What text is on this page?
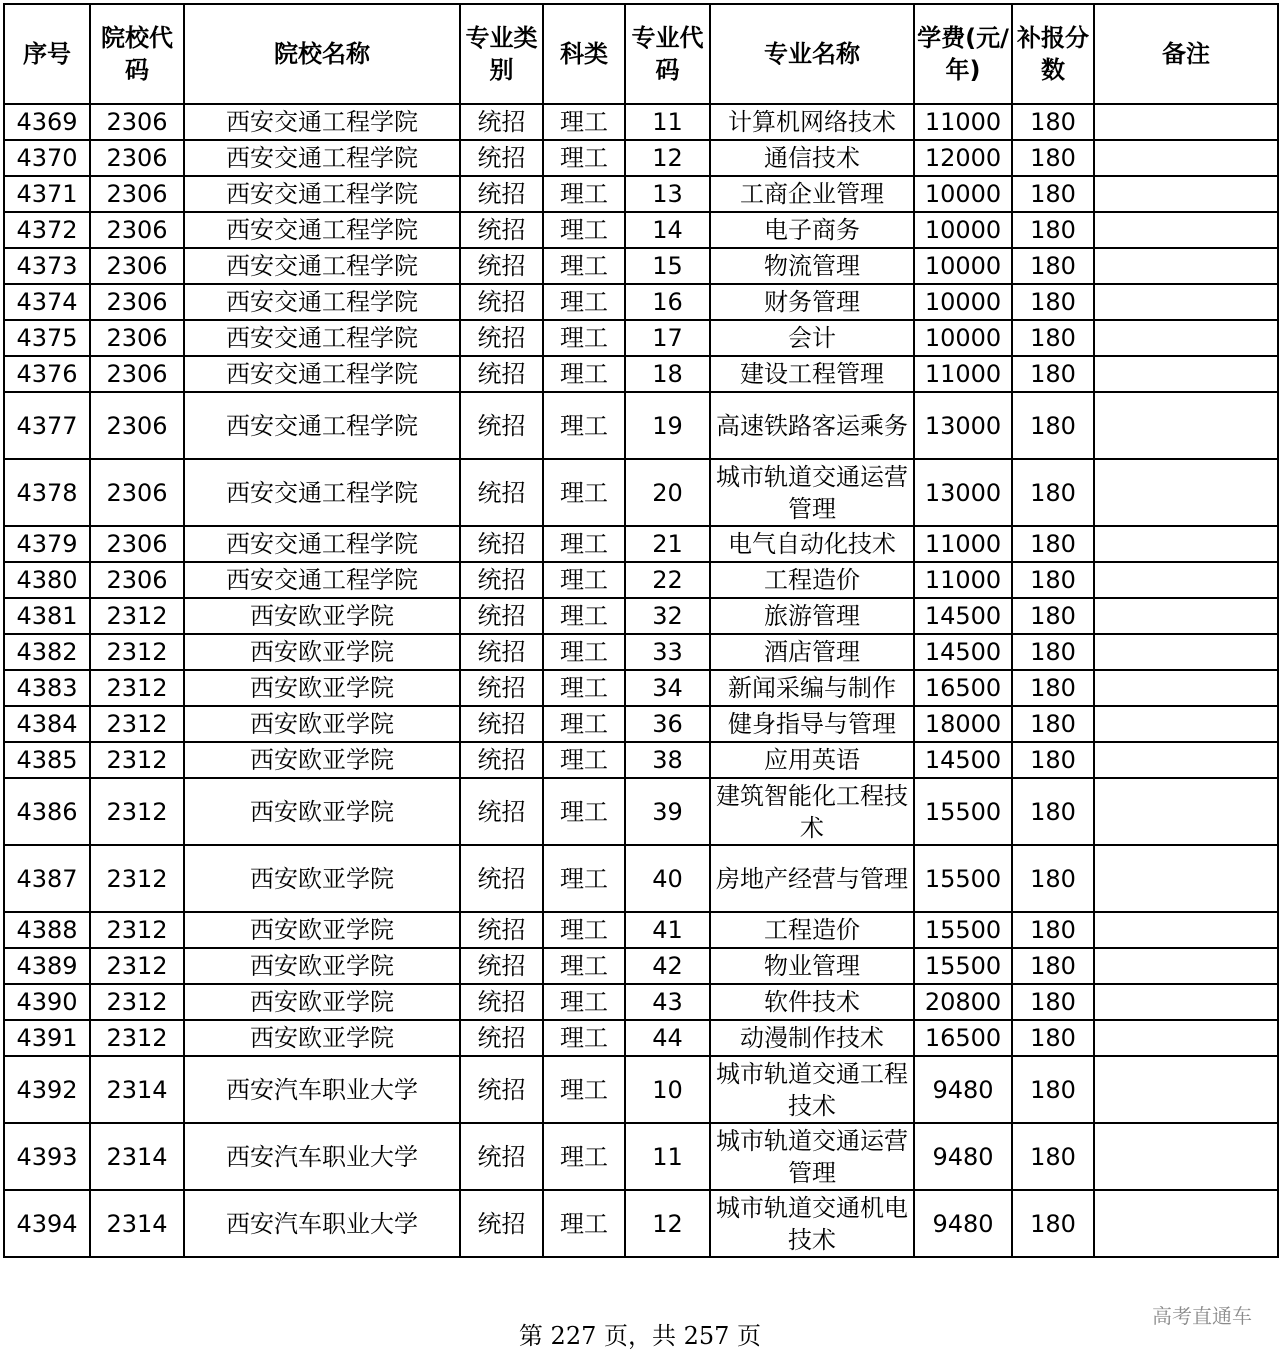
序号	院校代码	院校名称	专业类别	科类	专业代码	专业名称	学费(元/年)	补报分数	备注
4369	2306	西安交通工程学院	统招	理工	11	计算机网络技术	11000	180	
4370	2306	西安交通工程学院	统招	理工	12	通信技术	12000	180	
4371	2306	西安交通工程学院	统招	理工	13	工商企业管理	10000	180	
4372	2306	西安交通工程学院	统招	理工	14	电子商务	10000	180	
4373	2306	西安交通工程学院	统招	理工	15	物流管理	10000	180	
4374	2306	西安交通工程学院	统招	理工	16	财务管理	10000	180	
4375	2306	西安交通工程学院	统招	理工	17	会计	10000	180	
4376	2306	西安交通工程学院	统招	理工	18	建设工程管理	11000	180	
4377	2306	西安交通工程学院	统招	理工	19	高速铁路客运乘务	13000	180	
4378	2306	西安交通工程学院	统招	理工	20	城市轨道交通运营管理	13000	180	
4379	2306	西安交通工程学院	统招	理工	21	电气自动化技术	11000	180	
4380	2306	西安交通工程学院	统招	理工	22	工程造价	11000	180	
4381	2312	西安欧亚学院	统招	理工	32	旅游管理	14500	180	
4382	2312	西安欧亚学院	统招	理工	33	酒店管理	14500	180	
4383	2312	西安欧亚学院	统招	理工	34	新闻采编与制作	16500	180	
4384	2312	西安欧亚学院	统招	理工	36	健身指导与管理	18000	180	
4385	2312	西安欧亚学院	统招	理工	38	应用英语	14500	180	
4386	2312	西安欧亚学院	统招	理工	39	建筑智能化工程技术	15500	180	
4387	2312	西安欧亚学院	统招	理工	40	房地产经营与管理	15500	180	
4388	2312	西安欧亚学院	统招	理工	41	工程造价	15500	180	
4389	2312	西安欧亚学院	统招	理工	42	物业管理	15500	180	
4390	2312	西安欧亚学院	统招	理工	43	软件技术	20800	180	
4391	2312	西安欧亚学院	统招	理工	44	动漫制作技术	16500	180	
4392	2314	西安汽车职业大学	统招	理工	10	城市轨道交通工程技术	9480	180	
4393	2314	西安汽车职业大学	统招	理工	11	城市轨道交通运营管理	9480	180	
4394	2314	西安汽车职业大学	统招	理工	12	城市轨道交通机电技术	9480	180	
第 227 页，共 257 页
高考直通车
